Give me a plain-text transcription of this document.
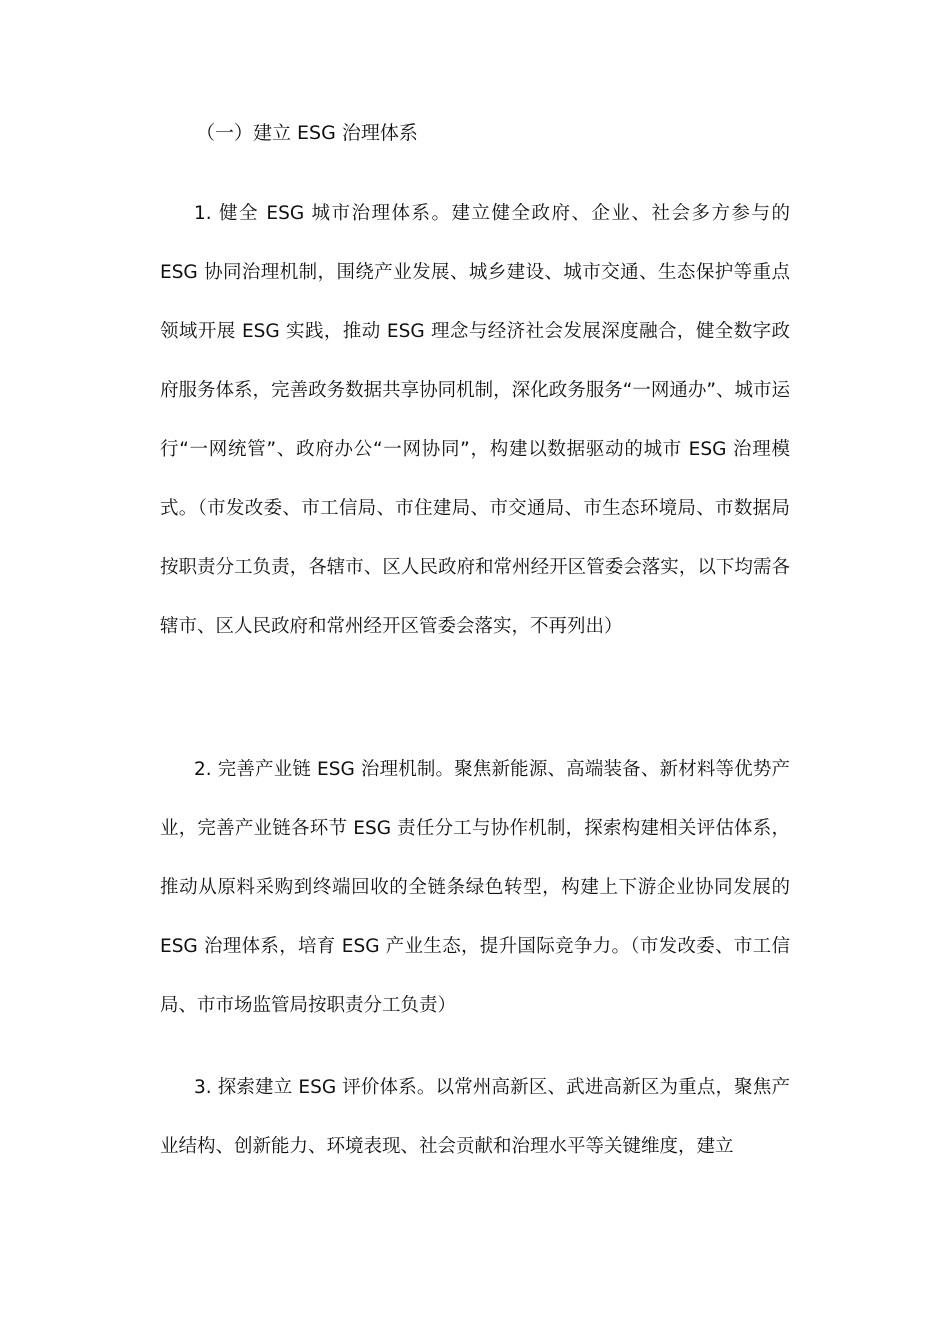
（一）建立 ESG 治理体系

1. 健全 ESG 城市治理体系。建立健全政府、企业、社会多方参与的 ESG 协同治理机制，围绕产业发展、城乡建设、城市交通、生态保护等重点领域开展 ESG 实践，推动 ESG 理念与经济社会发展深度融合，健全数字政府服务体系，完善政务数据共享协同机制，深化政务服务“一网通办”、城市运行“一网统管”、政府办公“一网协同”，构建以数据驱动的城市 ESG 治理模式。（市发改委、市工信局、市住建局、市交通局、市生态环境局、市数据局按职责分工负责，各辖市、区人民政府和常州经开区管委会落实，以下均需各辖市、区人民政府和常州经开区管委会落实，不再列出）

2. 完善产业链 ESG 治理机制。聚焦新能源、高端装备、新材料等优势产业，完善产业链各环节 ESG 责任分工与协作机制，探索构建相关评估体系，推动从原料采购到终端回收的全链条绿色转型，构建上下游企业协同发展的 ESG 治理体系，培育 ESG 产业生态，提升国际竞争力。（市发改委、市工信局、市市场监管局按职责分工负责）

3. 探索建立 ESG 评价体系。以常州高新区、武进高新区为重点，聚焦产业结构、创新能力、环境表现、社会贡献和治理水平等关键维度，建立
